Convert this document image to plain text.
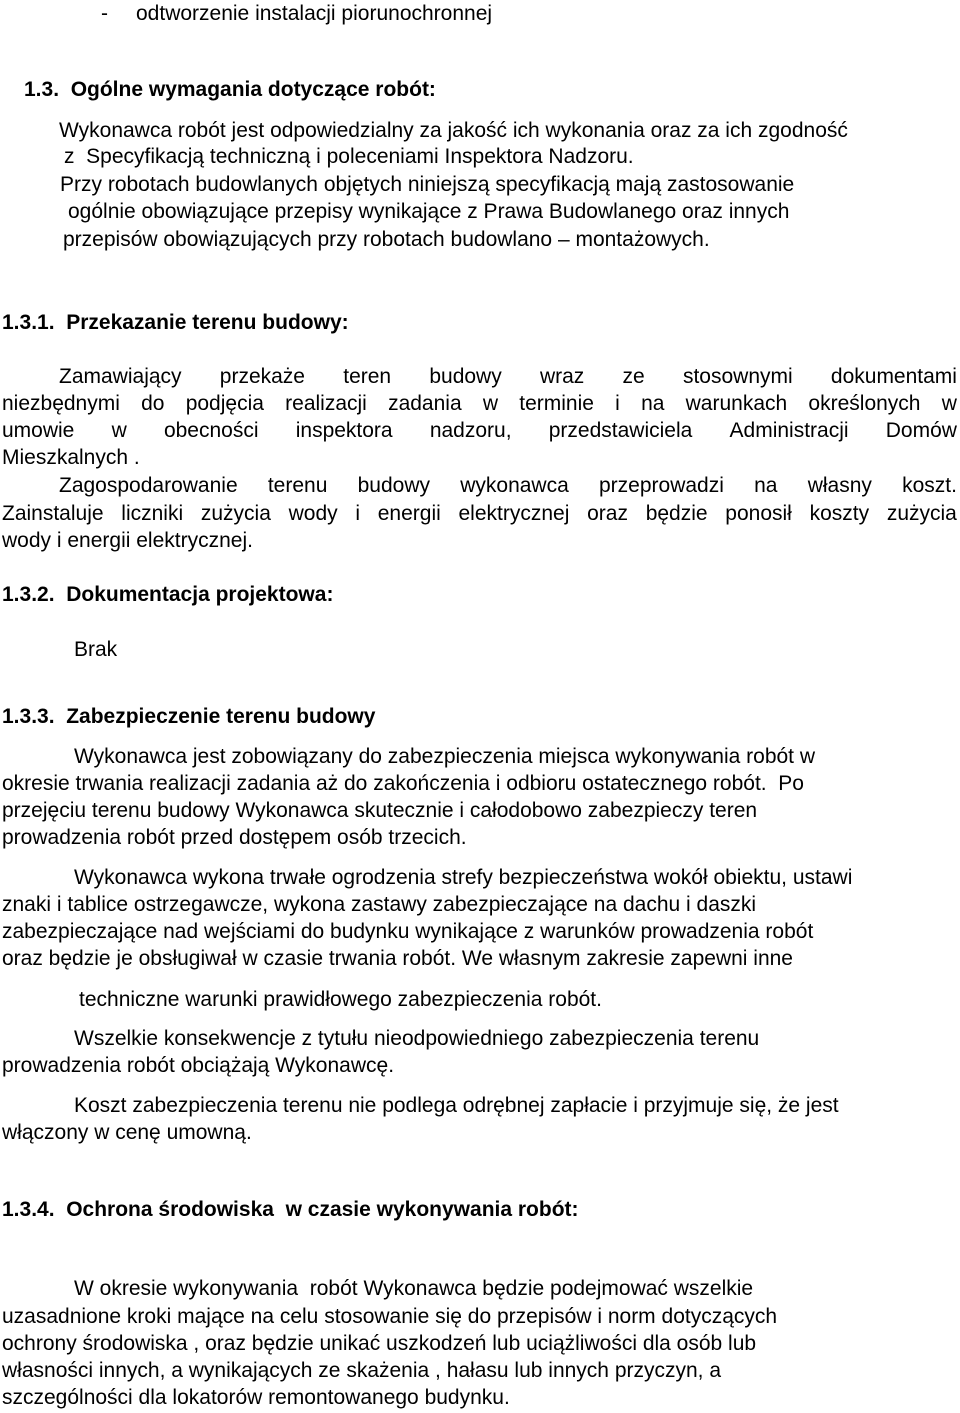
- odtworzenie instalacji piorunochronnej
1.3.  Ogólne wymagania dotyczące robót:
Wykonawca robót jest odpowiedzialny za jakość ich wykonania oraz za ich zgodność
z  Specyfikacją techniczną i poleceniami Inspektora Nadzoru.
Przy robotach budowlanych objętych niniejszą specyfikacją mają zastosowanie
ogólnie obowiązujące przepisy wynikające z Prawa Budowlanego oraz innych
przepisów obowiązujących przy robotach budowlano – montażowych.
1.3.1.  Przekazanie terenu budowy:
Zamawiający przekaże teren budowy wraz ze stosownymi dokumentami
niezbędnymi do podjęcia realizacji zadania w terminie i na warunkach określonych w
umowie w obecności inspektora nadzoru, przedstawiciela Administracji Domów
Mieszkalnych .
Zagospodarowanie terenu budowy wykonawca przeprowadzi na własny koszt.
Zainstaluje liczniki zużycia wody i energii elektrycznej oraz będzie ponosił koszty zużycia
wody i energii elektrycznej.
1.3.2.  Dokumentacja projektowa:
Brak
1.3.3.  Zabezpieczenie terenu budowy
Wykonawca jest zobowiązany do zabezpieczenia miejsca wykonywania robót w
okresie trwania realizacji zadania aż do zakończenia i odbioru ostatecznego robót.  Po
przejęciu terenu budowy Wykonawca skutecznie i całodobowo zabezpieczy teren
prowadzenia robót przed dostępem osób trzecich.
Wykonawca wykona trwałe ogrodzenia strefy bezpieczeństwa wokół obiektu, ustawi
znaki i tablice ostrzegawcze, wykona zastawy zabezpieczające na dachu i daszki
zabezpieczające nad wejściami do budynku wynikające z warunków prowadzenia robót
oraz będzie je obsługiwał w czasie trwania robót. We własnym zakresie zapewni inne
techniczne warunki prawidłowego zabezpieczenia robót.
Wszelkie konsekwencje z tytułu nieodpowiedniego zabezpieczenia terenu
prowadzenia robót obciążają Wykonawcę.
Koszt zabezpieczenia terenu nie podlega odrębnej zapłacie i przyjmuje się, że jest
włączony w cenę umowną.
1.3.4.  Ochrona środowiska  w czasie wykonywania robót:
W okresie wykonywania  robót Wykonawca będzie podejmować wszelkie
uzasadnione kroki mające na celu stosowanie się do przepisów i norm dotyczących
ochrony środowiska , oraz będzie unikać uszkodzeń lub uciążliwości dla osób lub
własności innych, a wynikających ze skażenia , hałasu lub innych przyczyn, a
szczególności dla lokatorów remontowanego budynku.
